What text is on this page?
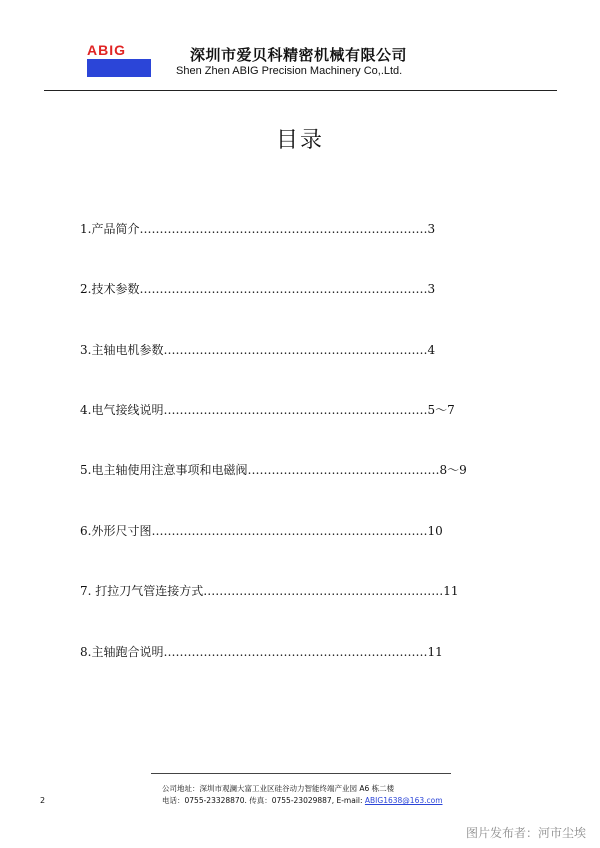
ABIG	深圳市爱贝科精密机械有限公司
Shen Zhen ABIG Precision Machinery Co,.Ltd.
目录
1.产品简介………………………………………………………………3
2.技术参数………………………………………………………………3
3.主轴电机参数…………………………………………………………4
4.电气接线说明…………………………………………………………5～7
5.电主轴使用注意事项和电磁阀…………………………………………8～9
6.外形尺寸图……………………………………………………………10
7. 打拉刀气管连接方式……………………………………………………11
8.主轴跑合说明…………………………………………………………11
公司地址：深圳市观澜大富工业区硅谷动力智能终端产业园 A6 栋二楼
电话：0755-23328870. 传真：0755-23029887, E-mail: ABIG1638@163.com
2
图片发布者：河市尘埃
